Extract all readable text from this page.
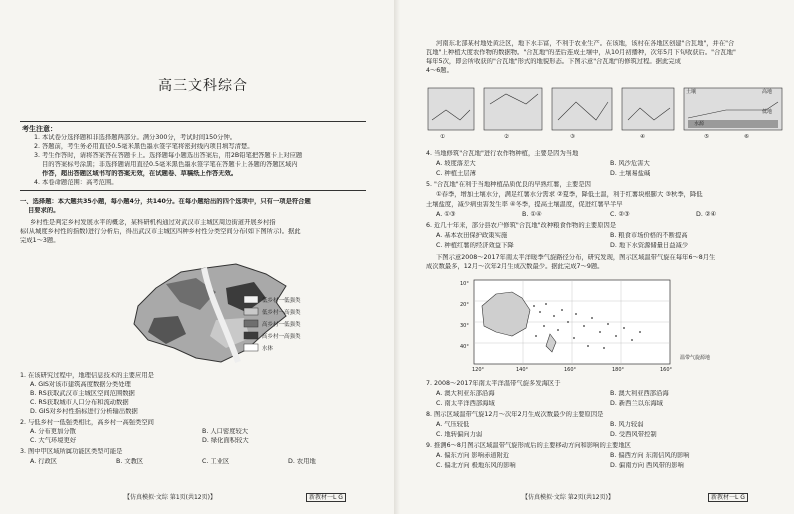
高三文科综合
考生注意：
1. 本试卷分选择题和非选择题两部分。满分300分，考试时间150分钟。
2. 答题前，考生务必用直径0.5毫米黑色墨水签字笔将密封线内项目填写清楚。
3. 考生作答时，请将答案答在答题卡上。选择题每小题选出答案后，用2B铅笔把答题卡上对应题
目的答案标号涂黑；非选择题请用直径0.5毫米黑色墨水签字笔在答题卡上各题的答题区域内
作答，超出答题区域书写的答案无效，在试题卷、草稿纸上作答无效。
4. 本卷命题范围：高考范围。
一、选择题：本大题共35小题，每小题4分，共140分。在每小题给出的四个选项中，只有一项是符合题
目要求的。
乡村性是判定乡村发展水平的概念，某科研机构通过对武汉市主城区周边街道开展乡村指
标(从城度乡村性的指数)进行分析后，得出武汉市主城区四种乡村性分类空间分布(如下图所示)。据此
完成1～3题。
低乡村一低强类
低乡村一高强类
高乡村一低强类
高乡村一高强类
水体
1. 在该研究过程中，地理信息技术的主要应用是
A. GIS对该市建筑高度数据分类处理
B. RS获取武汉市主城区空间范围数据
C. RS获取城市人口分布和流动数据
D. GIS对乡村性指标进行分析输出数据
2. 与低乡村一低强类相比，高乡村一高强类空间
A. 分布更加分散	B. 人口密度较大
C. 大气环境更好	D. 绿化面积较大
3. 图中甲区域所属功能区类型可能是
A. 行政区	B. 文教区	C. 工业区	D. 农用地
【仿真模拟·文综 第1页(共12页)】	新教材一L G
河南东北部某村地处黄泛区，地下水丰富，不利于农业生产。在该地，该村在各地区创建"合瓦地"，并在"合
瓦地"上种植大度农作物的数据物。"合瓦地"的垄后连成土壤中，从10月初播种，次年5月下旬收获后。"合瓦地"
每年5次，即会所收获的"合瓦地"形式的地貌形态。下图示意"合瓦地"的修筑过程。据此完成
4～6题。
①	②	③	④	⑤	⑥
土壤
水源
高地
低地
4. 当地修筑"合瓦地"进行农作物种植，主要是因为当地
A. 坡度落差大	B. 风沙危害大
C. 种植土层薄	D. 土壤易盐碱
5. "合瓦地"在利于当地种植品质优良的早熟红薯，主要是因
①春季，增加土壤水分，满足红薯水分需求 ②夏季，降低土温，利于红薯块根膨大 ③秋季，降低
土壤盐度，减少病虫害发生率 ④冬季，提高土壤温度，促进红薯早半早
A. ①③	B. ①④	C. ②③	D. ②④
6. 近几十年来，部分县农户修筑"合瓦地"改种粮食作物的主要原因是
A. 基本农田保护政策实施	B. 粮食市场价格的不断提高
C. 种植红薯的经济效益下降	D. 地下水资源储量日益减少
下图示意2008～2017年南太平洋暖季气旋路径分布，研究发现，图示区域温带气旋在每年6～8月生
成次数最多，12月～次年2月生成次数最少。据此完成7～9题。
10°
20°
30°
40°
120°	140°	160°	180°	160°
温带气旋源地
7. 2008～2017年南太平洋温带气旋多发海区于
A. 澳大利亚东部沿海	B. 澳大利亚西部沿海
C. 南太平洋西部海域	D. 新西兰以东海域
8. 图示区域温带气旋12月～次年2月生成次数最少的主要原因是
A. 气压较低	B. 风力较弱
C. 地转偏向力弱	D. 受西风带控制
9. 推测6～8月图示区域温带气旋形成后的主要移动方向和影响的主要地区
A. 偏东方向 影响赤道附近	B. 偏西方向 东南信风的影响
C. 偏北方向 极地东风的影响	D. 偏南方向 西风带的影响
【仿真模拟·文综 第2页(共12页)】	新教材一L G
